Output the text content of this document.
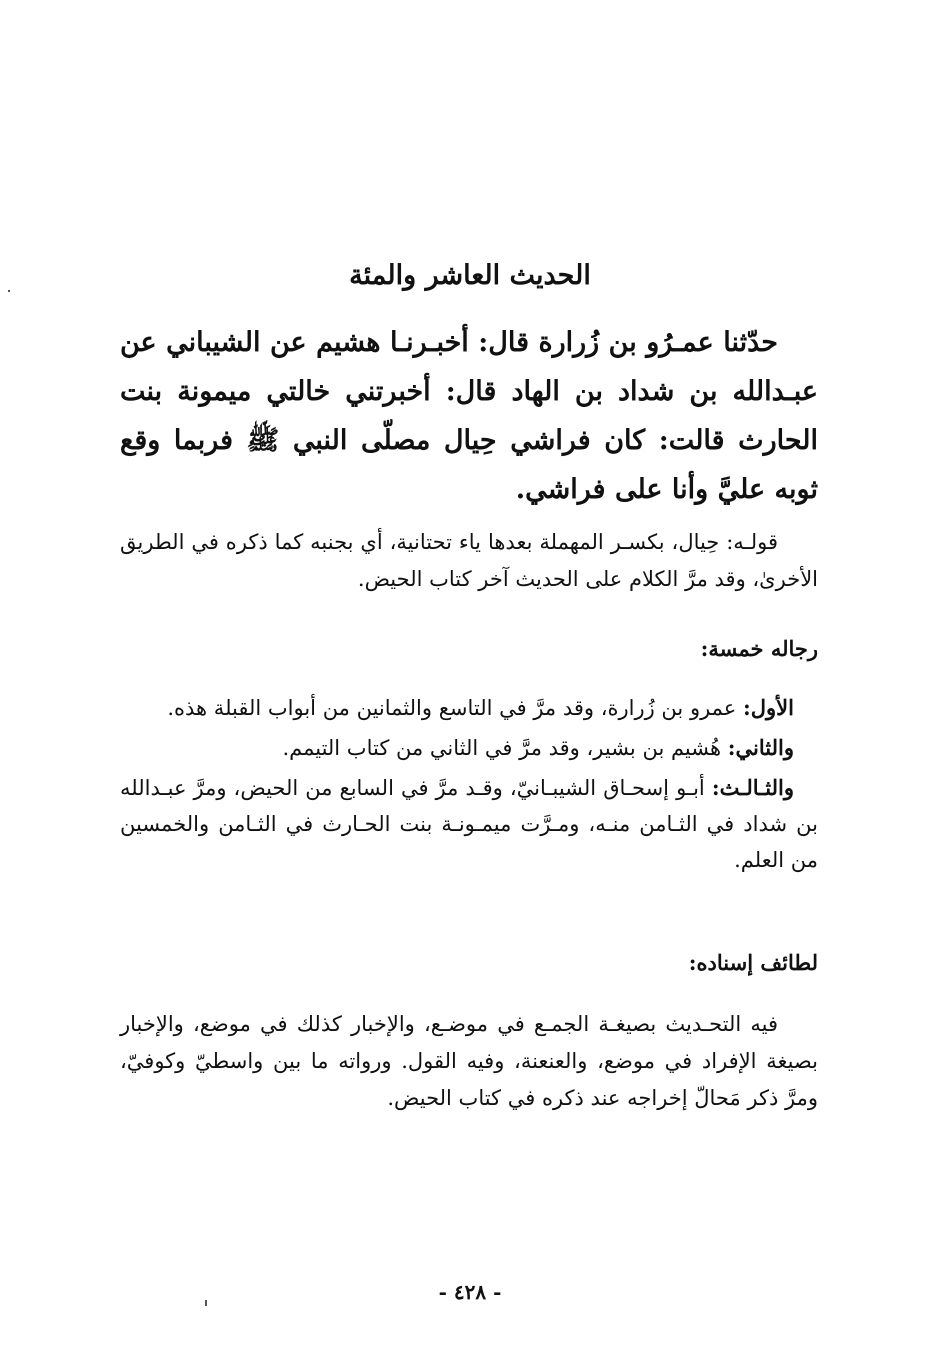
الحديث العاشر والمئة

حدّثنا عمـرُو بن زُرارة قال: أخبـرنـا هشيم عن الشيباني عن عبـدالله بن شداد بن الهاد قال: أخبرتني خالتي ميمونة بنت الحارث قالت: كان فراشي حِيال مصلّى النبي ﷺ فربما وقع ثوبه عليَّ وأنا على فراشي.

قولـه: حِيال، بكسـر المهملة بعدها ياء تحتانية، أي بجنبه كما ذكره في الطريق الأخرىٰ، وقد مرَّ الكلام على الحديث آخر كتاب الحيض.

رجاله خمسة:

الأول: عمرو بن زُرارة، وقد مرَّ في التاسع والثمانين من أبواب القبلة هذه.
والثاني: هُشيم بن بشير، وقد مرَّ في الثاني من كتاب التيمم.
والثـالـث: أبـو إسحـاق الشيبـانيّ، وقـد مرَّ في السابع من الحيض، ومرَّ عبـدالله بن شداد في الثـامن منـه، ومـرَّت ميمـونـة بنت الحـارث في الثـامن والخمسين من العلم.

لطائف إسناده:

فيه التحـديث بصيغـة الجمـع في موضـع، والإخبار كذلك في موضع، والإخبار بصيغة الإفراد في موضع، والعنعنة، وفيه القول. ورواته ما بين واسطيّ وكوفيّ، ومرَّ ذكر مَحالّ إخراجه عند ذكره في كتاب الحيض.

- ٤٢٨ -
